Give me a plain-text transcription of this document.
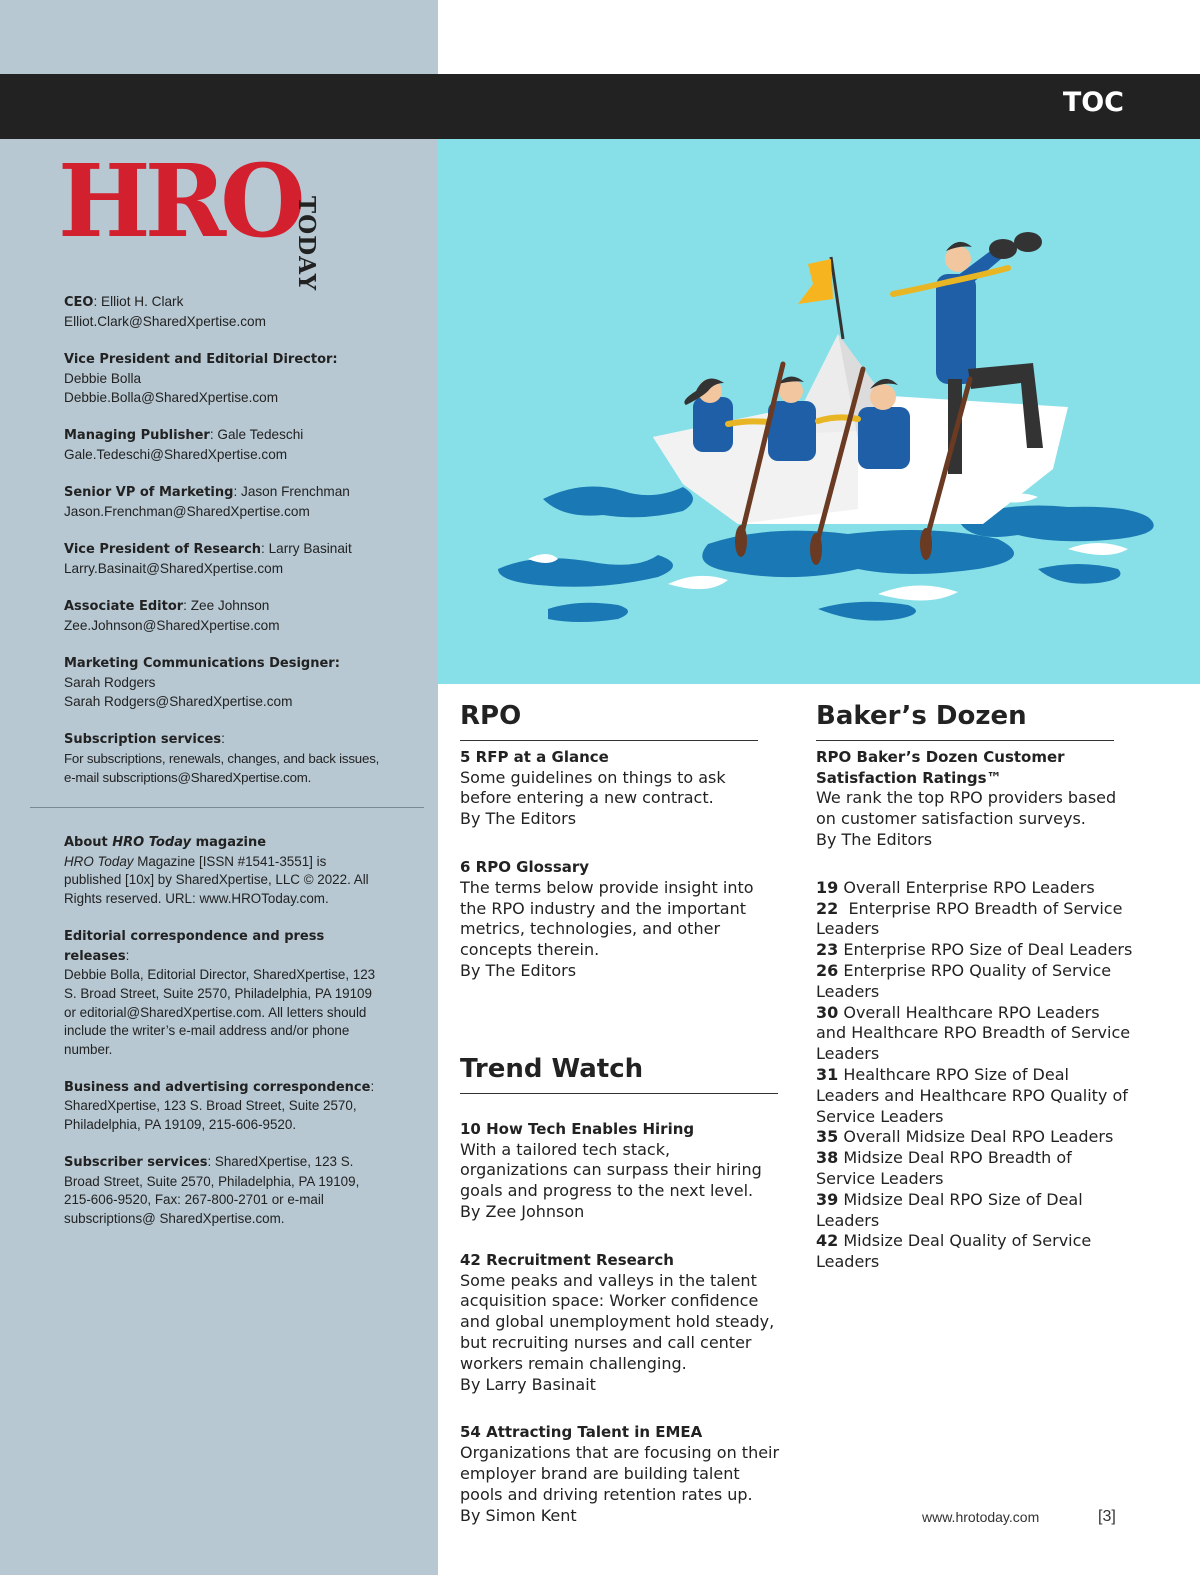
TOC
HRO
TODAY
CEO: Elliot H. Clark
Elliot.Clark@SharedXpertise.com
Vice President and Editorial Director:
Debbie Bolla
Debbie.Bolla@SharedXpertise.com
Managing Publisher: Gale Tedeschi
Gale.Tedeschi@SharedXpertise.com
Senior VP of Marketing: Jason Frenchman
Jason.Frenchman@SharedXpertise.com
Vice President of Research: Larry Basinait
Larry.Basinait@SharedXpertise.com
Associate Editor: Zee Johnson
Zee.Johnson@SharedXpertise.com
Marketing Communications Designer:
Sarah Rodgers
Sarah Rodgers@SharedXpertise.com
Subscription services:
For subscriptions, renewals, changes, and back issues,
e-mail subscriptions@SharedXpertise.com.
About HRO Today magazine
HRO Today Magazine [ISSN #1541-3551] is published [10x] by SharedXpertise, LLC © 2022. All Rights reserved. URL: www.HROToday.com.
Editorial correspondence and press releases:
Debbie Bolla, Editorial Director, SharedXpertise, 123 S. Broad Street, Suite 2570, Philadelphia, PA 19109 or editorial@SharedXpertise.com. All letters should include the writer’s e-mail address and/or phone number.
Business and advertising correspondence:
SharedXpertise, 123 S. Broad Street, Suite 2570, Philadelphia, PA 19109, 215-606-9520.
Subscriber services: SharedXpertise, 123 S. Broad Street, Suite 2570, Philadelphia, PA 19109, 215-606-9520, Fax: 267-800-2701 or e-mail subscriptions@ SharedXpertise.com.
RPO
5 RFP at a Glance
Some guidelines on things to ask before entering a new contract.
By The Editors
6 RPO Glossary
The terms below provide insight into the RPO industry and the important metrics, technologies, and other concepts therein.
By The Editors
Trend Watch
10 How Tech Enables Hiring
With a tailored tech stack, organizations can surpass their hiring goals and progress to the next level.
By Zee Johnson
42 Recruitment Research
Some peaks and valleys in the talent acquisition space: Worker confidence and global unemployment hold steady, but recruiting nurses and call center workers remain challenging.
By Larry Basinait
54 Attracting Talent in EMEA
Organizations that are focusing on their employer brand are building talent pools and driving retention rates up.
By Simon Kent
Baker’s Dozen
RPO Baker’s Dozen Customer Satisfaction Ratings™
We rank the top RPO providers based on customer satisfaction surveys.
By The Editors
19 Overall Enterprise RPO Leaders
22  Enterprise RPO Breadth of Service Leaders
23 Enterprise RPO Size of Deal Leaders
26 Enterprise RPO Quality of Service Leaders
30 Overall Healthcare RPO Leaders and Healthcare RPO Breadth of Service Leaders
31 Healthcare RPO Size of Deal Leaders and Healthcare RPO Quality of Service Leaders
35 Overall Midsize Deal RPO Leaders
38 Midsize Deal RPO Breadth of Service Leaders
39 Midsize Deal RPO Size of Deal Leaders
42 Midsize Deal Quality of Service Leaders
www.hrotoday.com	[3]
